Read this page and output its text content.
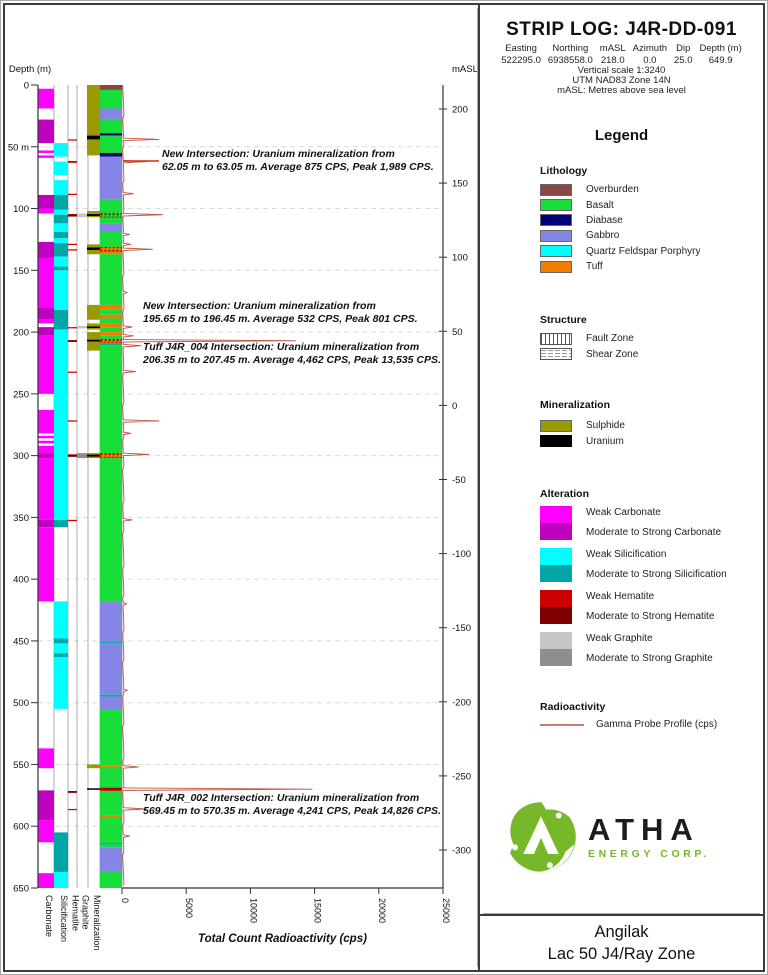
New Intersection: Uranium mineralization from
62.05 m to 63.05 m. Average 875 CPS, Peak 1,989 CPS.
New Intersection: Uranium mineralization from
195.65 m to 196.45 m. Average 532 CPS, Peak 801 CPS.
Tuff J4R_004 Intersection: Uranium mineralization from
206.35 m to 207.45 m. Average 4,462 CPS, Peak 13,535 CPS.
Tuff J4R_002 Intersection: Uranium mineralization from
569.45 m to 570.35 m. Average 4,241 CPS, Peak 14,826 CPS.
0
50 m
100
150
200
250
300
350
400
450
500
550
600
650
Depth (m)
200
150
100
50
0
-50
-100
-150
-200
-250
-300
mASL
0	5000	10000	15000	20000	25000
Total Count Radioactivity (cps)
Carbonate Silicification Hematite Graphite Mineralization
STRIP LOG: J4R-DD-091
Easting
522295.0
Northing
6938558.0
mASL
218.0
Azimuth
0.0
Dip
25.0
Depth (m)
649.9
Vertical scale 1:3240
UTM NAD83 Zone 14N
mASL: Metres above sea level
Legend
Lithology
Overburden
Basalt
Diabase
Gabbro
Quartz Feldspar Porphyry
Tuff
Structure
Fault Zone
Shear Zone
Mineralization
Sulphide
Uranium
Alteration
Weak Carbonate
Moderate to Strong Carbonate
Weak Silicification
Moderate to Strong Silicification
Weak Hematite
Moderate to Strong Hematite
Weak Graphite
Moderate to Strong Graphite
Radioactivity
Gamma Probe Profile (cps)
ATHA
ENERGY CORP.
Angilak
Lac 50 J4/Ray Zone
